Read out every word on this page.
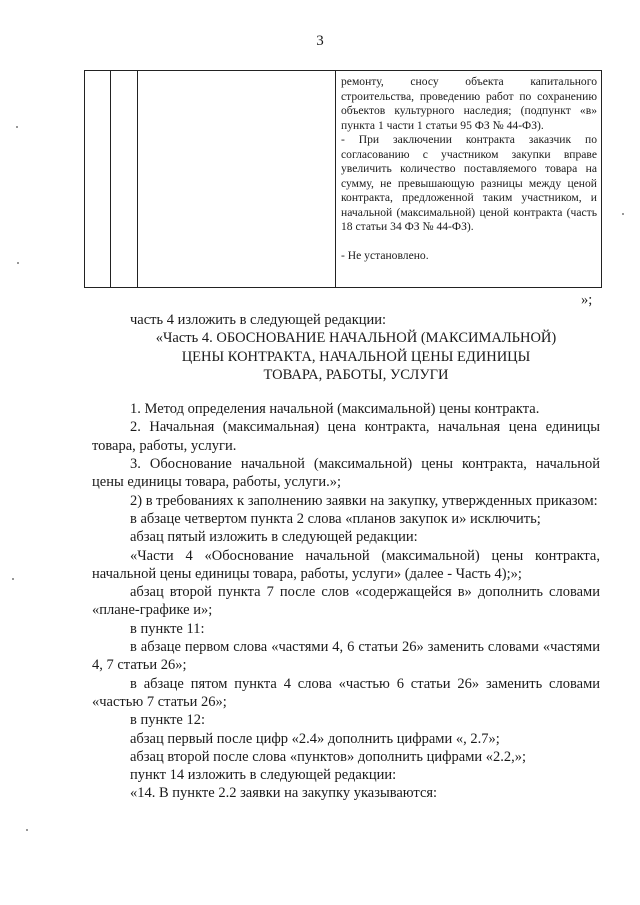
3

ремонту, сносу объекта капитального строительства, проведению работ по сохранению объектов культурного наследия; (подпункт «в» пункта 1 части 1 статьи 95 ФЗ № 44-ФЗ).

- При заключении контракта заказчик по согласованию с участником закупки вправе увеличить количество поставляемого товара на сумму, не превышающую разницы между ценой контракта, предложенной таким участником, и начальной (максимальной) ценой контракта (часть 18 статьи 34 ФЗ № 44-ФЗ).

- Не установлено.

»;

часть 4 изложить в следующей редакции:

«Часть 4. ОБОСНОВАНИЕ НАЧАЛЬНОЙ (МАКСИМАЛЬНОЙ)

ЦЕНЫ КОНТРАКТА, НАЧАЛЬНОЙ ЦЕНЫ ЕДИНИЦЫ

ТОВАРА, РАБОТЫ, УСЛУГИ

1. Метод определения начальной (максимальной) цены контракта.

2. Начальная (максимальная) цена контракта, начальная цена единицы товара, работы, услуги.

3. Обоснование начальной (максимальной) цены контракта, начальной цены единицы товара, работы, услуги.»;

2) в требованиях к заполнению заявки на закупку, утвержденных приказом:

в абзаце четвертом пункта 2 слова «планов закупок и» исключить;

абзац пятый изложить в следующей редакции:

«Части 4 «Обоснование начальной (максимальной) цены контракта, начальной цены единицы товара, работы, услуги» (далее - Часть 4);»;

абзац второй пункта 7 после слов «содержащейся в» дополнить словами «плане-графике и»;

в пункте 11:

в абзаце первом слова «частями 4, 6 статьи 26» заменить словами «частями 4, 7 статьи 26»;

в абзаце пятом пункта 4 слова «частью 6 статьи 26» заменить словами «частью 7 статьи 26»;

в пункте 12:

абзац первый после цифр «2.4» дополнить цифрами «, 2.7»;

абзац второй после слова «пунктов» дополнить цифрами «2.2,»;

пункт 14 изложить в следующей редакции:

«14. В пункте 2.2 заявки на закупку указываются:
